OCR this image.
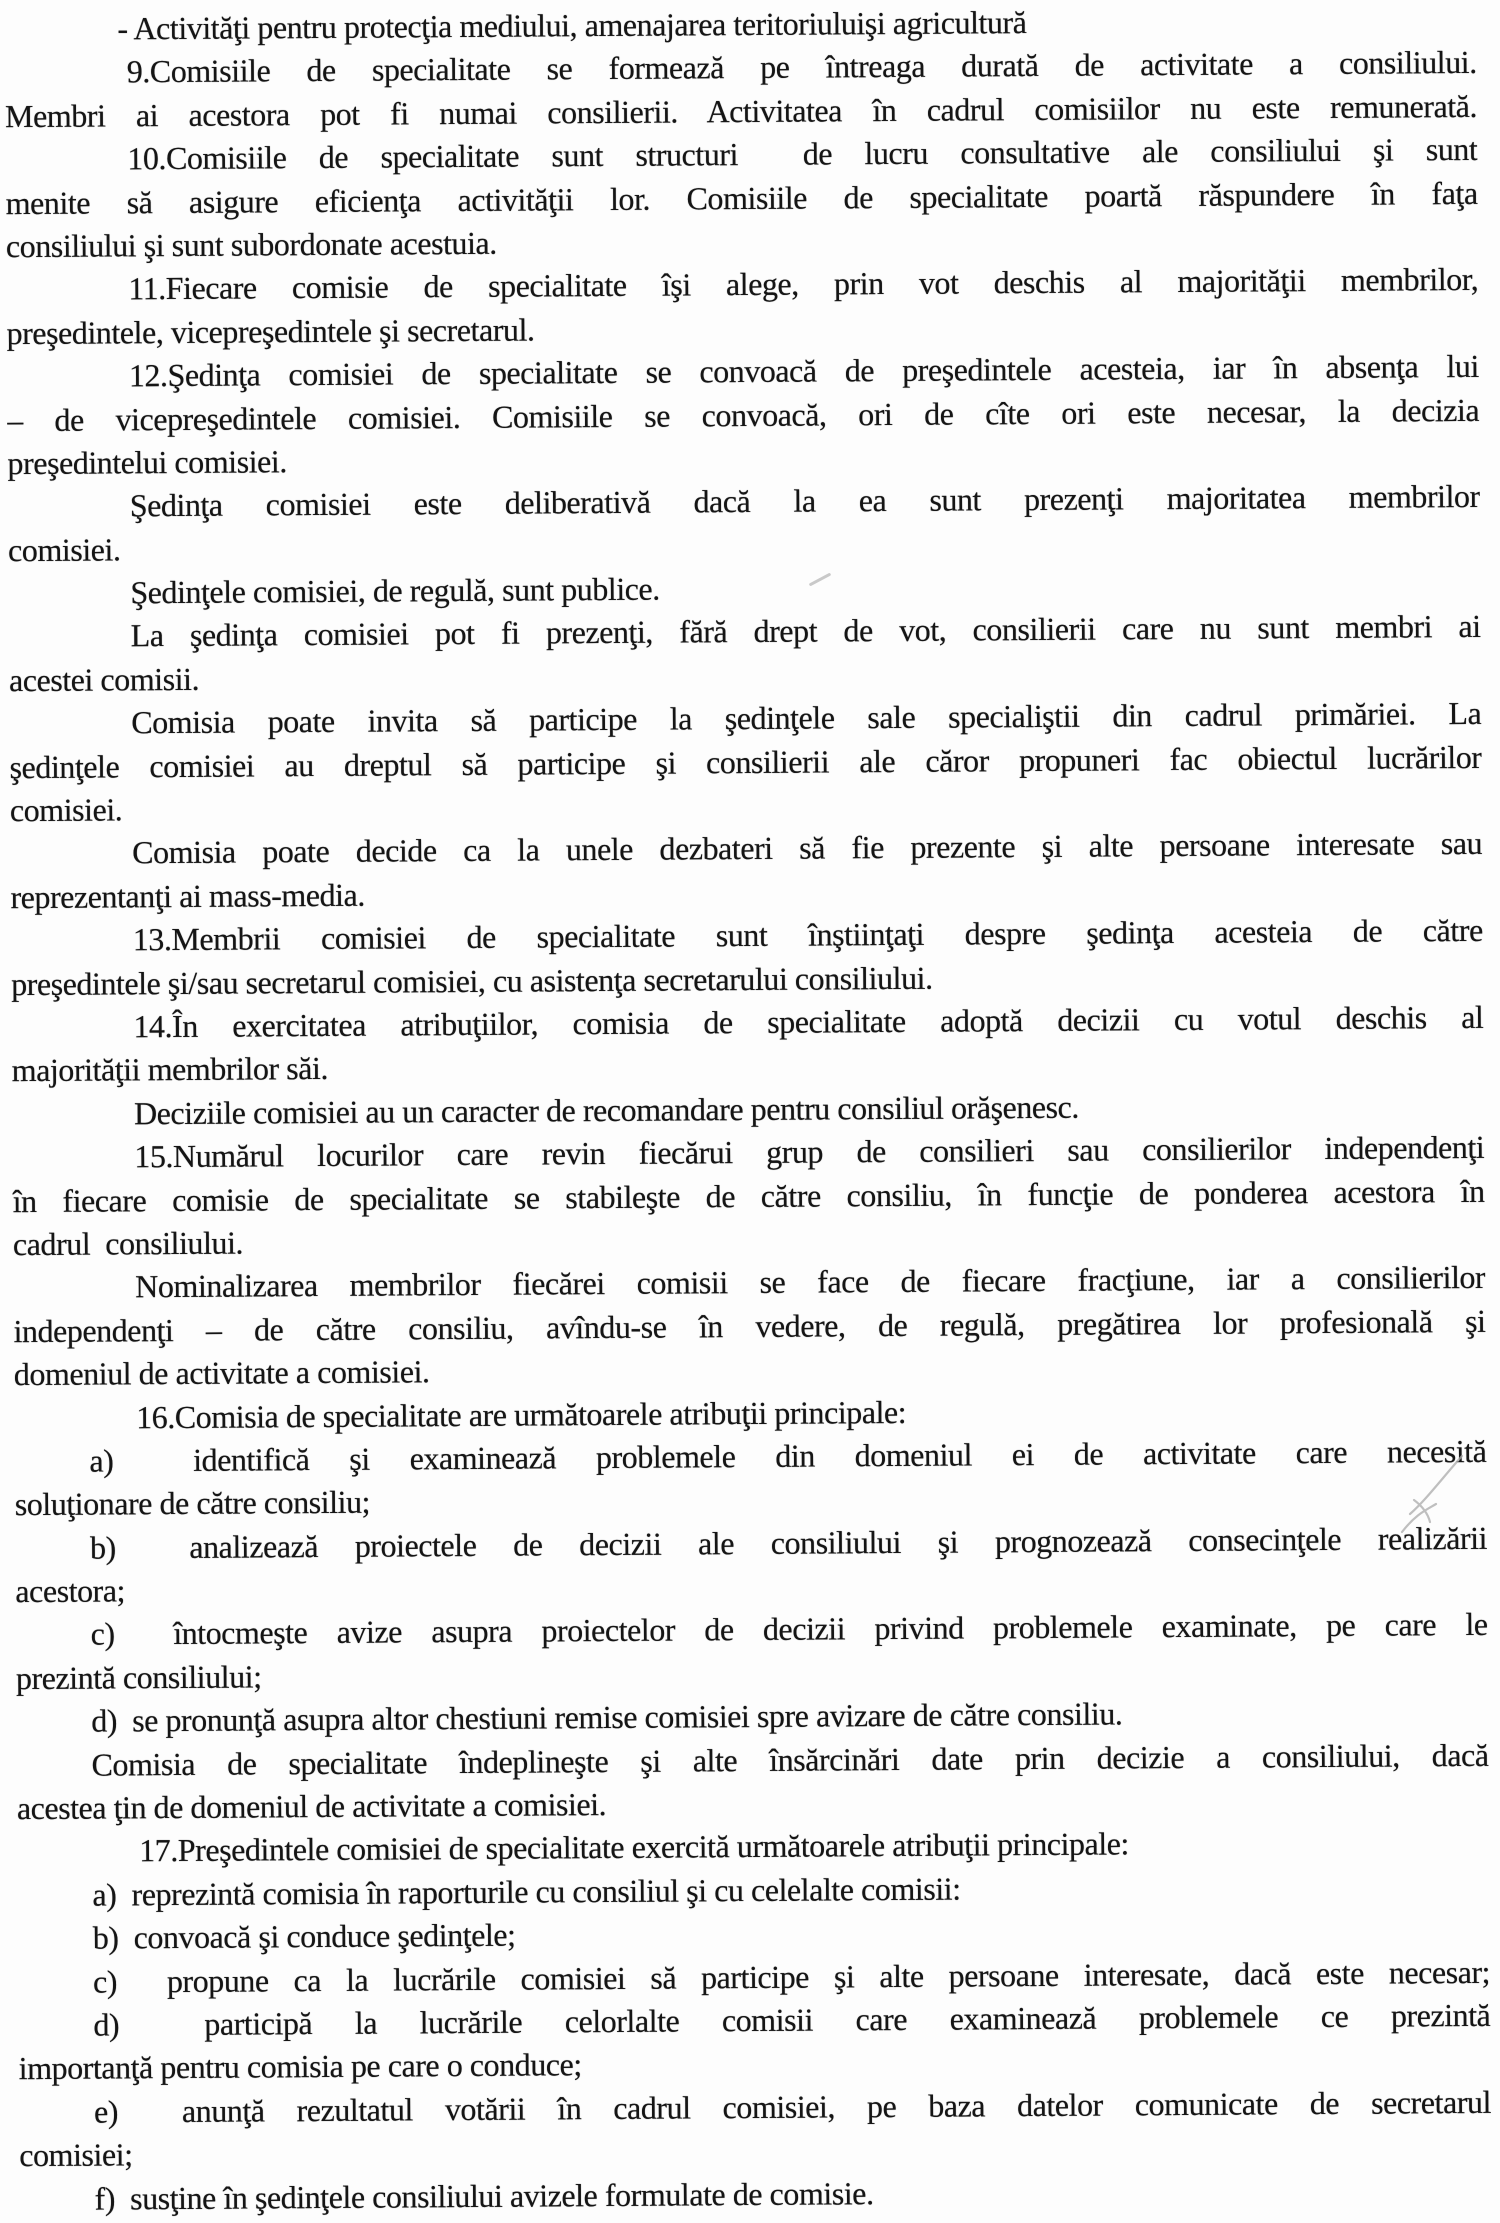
- Activităţi pentru protecţia mediului, amenajarea teritoriuluişi agricultură
9.Comisiile de specialitate se formează pe întreaga durată de activitate a consiliului.
Membri ai acestora pot fi numai consilierii. Activitatea în cadrul comisiilor nu este remunerată.
10.Comisiile de specialitate sunt structuri  de lucru consultative ale consiliului şi sunt
menite să asigure eficienţa activităţii lor. Comisiile de specialitate poartă răspundere în faţa
consiliului şi sunt subordonate acestuia.
11.Fiecare comisie de specialitate îşi alege, prin vot deschis al majorităţii membrilor,
preşedintele, vicepreşedintele şi secretarul.
12.Şedinţa comisiei de specialitate se convoacă de preşedintele acesteia, iar în absenţa lui
– de vicepreşedintele comisiei. Comisiile se convoacă, ori de cîte ori este necesar, la decizia
preşedintelui comisiei.
Şedinţa comisiei este deliberativă dacă la ea sunt prezenţi majoritatea membrilor
comisiei.
Şedinţele comisiei, de regulă, sunt publice.
La şedinţa comisiei pot fi prezenţi, fără drept de vot, consilierii care nu sunt membri ai
acestei comisii.
Comisia poate invita să participe la şedinţele sale specialiştii din cadrul primăriei. La
şedinţele comisiei au dreptul să participe şi consilierii ale căror propuneri fac obiectul lucrărilor
comisiei.
Comisia poate decide ca la unele dezbateri să fie prezente şi alte persoane interesate sau
reprezentanţi ai mass-media.
13.Membrii comisiei de specialitate sunt înştiinţaţi despre şedinţa acesteia de către
preşedintele şi/sau secretarul comisiei, cu asistenţa secretarului consiliului.
14.În exercitatea atribuţiilor, comisia de specialitate adoptă decizii cu votul deschis al
majorităţii membrilor săi.
Deciziile comisiei au un caracter de recomandare pentru consiliul orăşenesc.
15.Numărul locurilor care revin fiecărui grup de consilieri sau consilierilor independenţi
în fiecare comisie de specialitate se stabileşte de către consiliu, în funcţie de ponderea acestora în
cadrul  consiliului.
Nominalizarea membrilor fiecărei comisii se face de fiecare fracţiune, iar a consilierilor
independenţi – de către consiliu, avîndu-se în vedere, de regulă, pregătirea lor profesională şi
domeniul de activitate a comisiei.
16.Comisia de specialitate are următoarele atribuţii principale:
a)  identifică şi examinează problemele din domeniul ei de activitate care necesită
soluţionare de către consiliu;
b)  analizează proiectele de decizii ale consiliului şi prognozează consecinţele realizării
acestora;
c)  întocmeşte avize asupra proiectelor de decizii privind problemele examinate, pe care le
prezintă consiliului;
d)  se pronunţă asupra altor chestiuni remise comisiei spre avizare de către consiliu.
Comisia de specialitate îndeplineşte şi alte însărcinări date prin decizie a consiliului, dacă
acestea ţin de domeniul de activitate a comisiei.
17.Preşedintele comisiei de specialitate exercită următoarele atribuţii principale:
a)  reprezintă comisia în raporturile cu consiliul şi cu celelalte comisii:
b)  convoacă şi conduce şedinţele;
c)  propune ca la lucrările comisiei să participe şi alte persoane interesate, dacă este necesar;
d)  participă la lucrările celorlalte comisii care examinează problemele ce prezintă
importanţă pentru comisia pe care o conduce;
e)  anunţă rezultatul votării în cadrul comisiei, pe baza datelor comunicate de secretarul
comisiei;
f)  susţine în şedinţele consiliului avizele formulate de comisie.
